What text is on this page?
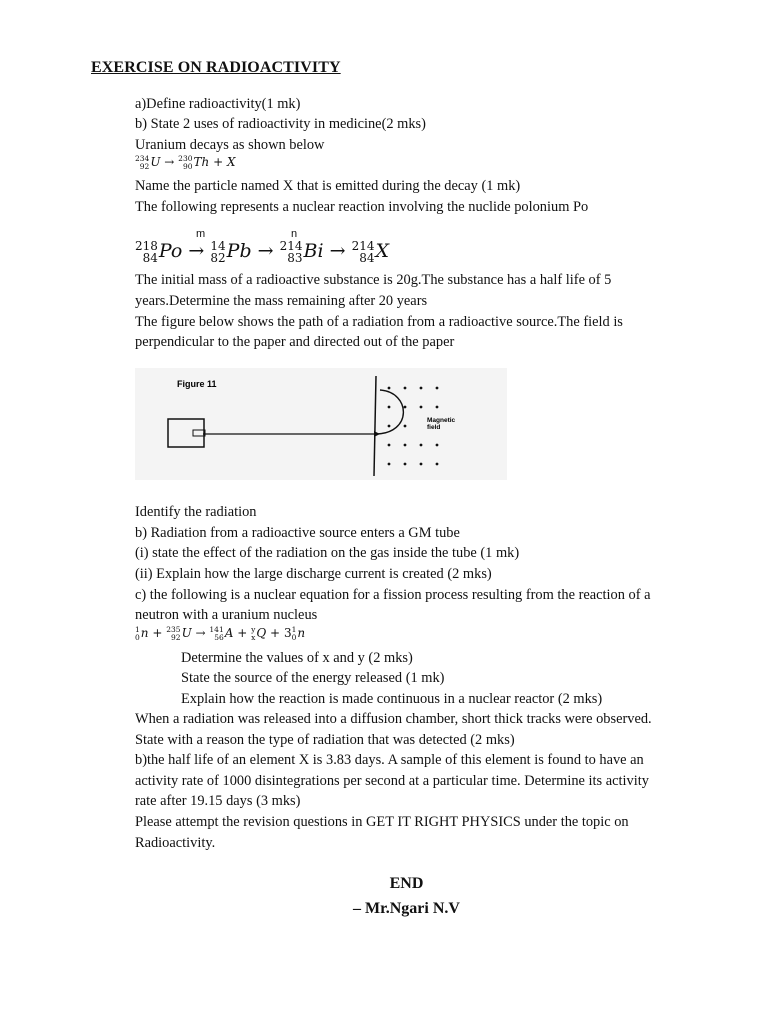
EXERCISE ON RADIOACTIVITY
a)Define radioactivity(1 mk)
b) State 2 uses of radioactivity in medicine(2 mks)
Uranium decays as shown below
234
92 U → 230
90 Th + X
Name the particle named X that is emitted during the decay (1 mk)
The following represents a nuclear reaction involving the nuclide polonium Po
m	n
218
84 Po → 14
82 Pb → 214
83 Bi → 214
84 X
The initial mass of a radioactive substance is 20g.The substance has a half life of 5
years.Determine the mass remaining after 20 years
The figure below shows the path of a radiation from a radioactive source.The field is
perpendicular to the paper and directed out of the paper
Figure 11
Magnetic
field
Identify the radiation
b) Radiation from a radioactive source enters a GM tube
(i) state the effect of the radiation on the gas inside the tube (1 mk)
(ii) Explain how the large discharge current is created (2 mks)
c) the following is a nuclear equation for a fission process resulting from the reaction of a
neutron with a uranium nucleus
1
0 n + 235
92 U → 141
56 A + y
x Q + 3 1
0 n
Determine the values of x and y (2 mks)
State the source of the energy released (1 mk)
Explain how the reaction is made continuous in a nuclear reactor (2 mks)
When a radiation was released into a diffusion chamber, short thick tracks were observed.
State with a reason the type of radiation that was detected (2 mks)
b)the half life of an element X is 3.83 days. A sample of this element is found to have an
activity rate of 1000 disintegrations per second at a particular time. Determine its activity
rate after 19.15 days (3 mks)
Please attempt the revision questions in GET IT RIGHT PHYSICS under the topic on
Radioactivity.
END
– Mr.Ngari N.V
